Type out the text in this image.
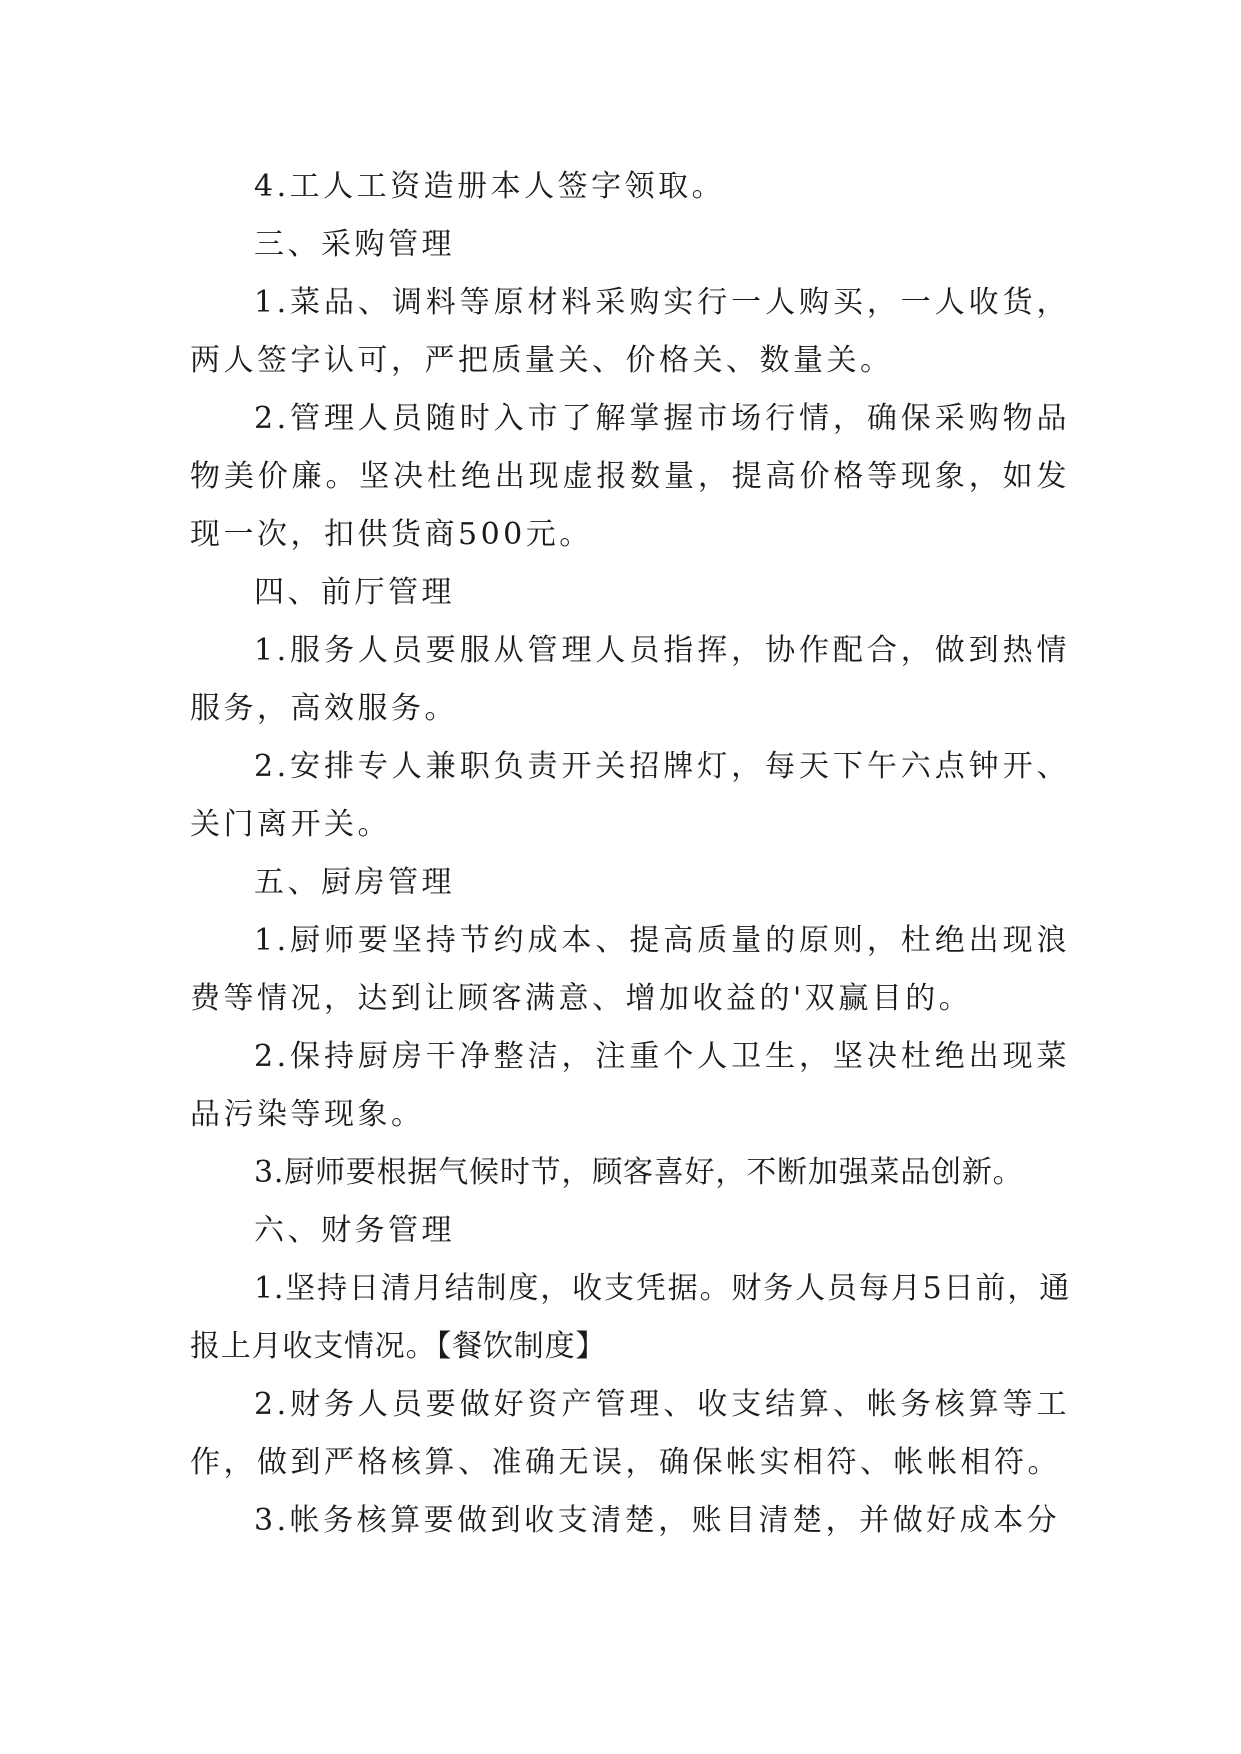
4.工人工资造册本人签字领取。

三、采购管理

1.菜品、调料等原材料采购实行一人购买，一人收货，两人签字认可，严把质量关、价格关、数量关。

2.管理人员随时入市了解掌握市场行情，确保采购物品物美价廉。坚决杜绝出现虚报数量，提高价格等现象，如发现一次，扣供货商500元。

四、前厅管理

1.服务人员要服从管理人员指挥，协作配合，做到热情服务，高效服务。

2.安排专人兼职负责开关招牌灯，每天下午六点钟开、关门离开关。

五、厨房管理

1.厨师要坚持节约成本、提高质量的原则，杜绝出现浪费等情况，达到让顾客满意、增加收益的'双赢目的。

2.保持厨房干净整洁，注重个人卫生，坚决杜绝出现菜品污染等现象。

3.厨师要根据气候时节，顾客喜好，不断加强菜品创新。

六、财务管理

1.坚持日清月结制度，收支凭据。财务人员每月5日前，通报上月收支情况。【餐饮制度】

2.财务人员要做好资产管理、收支结算、帐务核算等工作，做到严格核算、准确无误，确保帐实相符、帐帐相符。

3.帐务核算要做到收支清楚，账目清楚，并做好成本分
